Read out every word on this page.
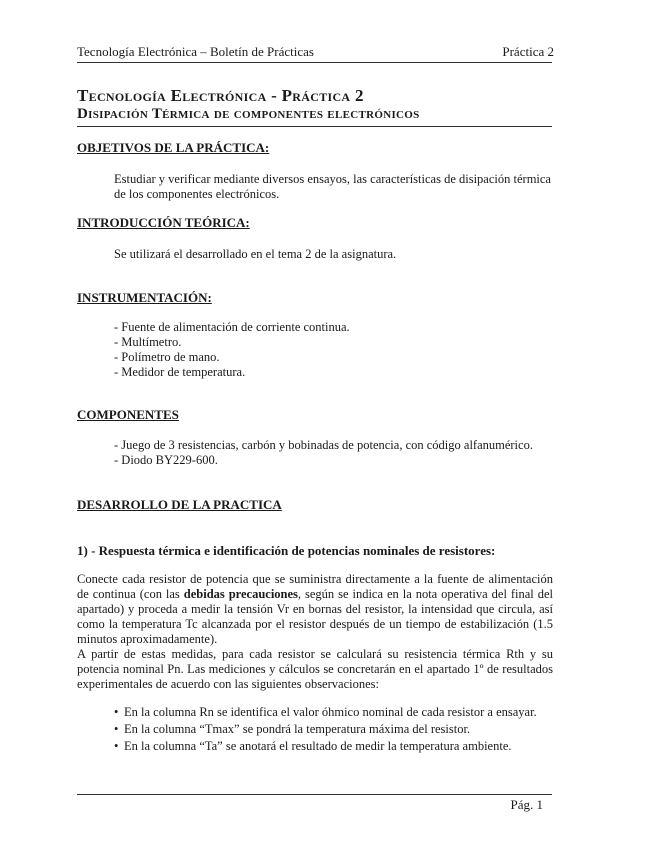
Tecnología Electrónica – Boletín de Prácticas	Práctica 2
Tecnología Electrónica - Práctica 2
Disipación Térmica de componentes electrónicos
OBJETIVOS DE LA PRÁCTICA:
Estudiar y verificar mediante diversos ensayos, las características de disipación térmica de los componentes electrónicos.
INTRODUCCIÓN TEÓRICA:
Se utilizará el desarrollado en el tema 2 de la asignatura.
INSTRUMENTACIÓN:
- Fuente de alimentación de corriente continua.
- Multímetro.
- Polímetro de mano.
- Medidor de temperatura.
COMPONENTES
- Juego de 3 resistencias, carbón y bobinadas de potencia, con código alfanumérico.
- Diodo BY229-600.
DESARROLLO DE LA PRACTICA
1) - Respuesta térmica e identificación de potencias nominales de resistores:
Conecte cada resistor de potencia que se suministra directamente a la fuente de alimentación de continua (con las debidas precauciones, según se indica en la nota operativa del final del apartado) y proceda a medir la tensión Vr en bornas del resistor, la intensidad que circula, así como la temperatura Tc alcanzada por el resistor después de un tiempo de estabilización (1.5 minutos aproximadamente).
A partir de estas medidas, para cada resistor se calculará su resistencia térmica Rth y su potencia nominal Pn. Las mediciones y cálculos se concretarán en el apartado 1º de resultados experimentales de acuerdo con las siguientes observaciones:
• En la columna Rn se identifica el valor óhmico nominal de cada resistor a ensayar.
• En la columna “Tmax” se pondrá la temperatura máxima del resistor.
• En la columna “Ta” se anotará el resultado de medir la temperatura ambiente.
Pág. 1
